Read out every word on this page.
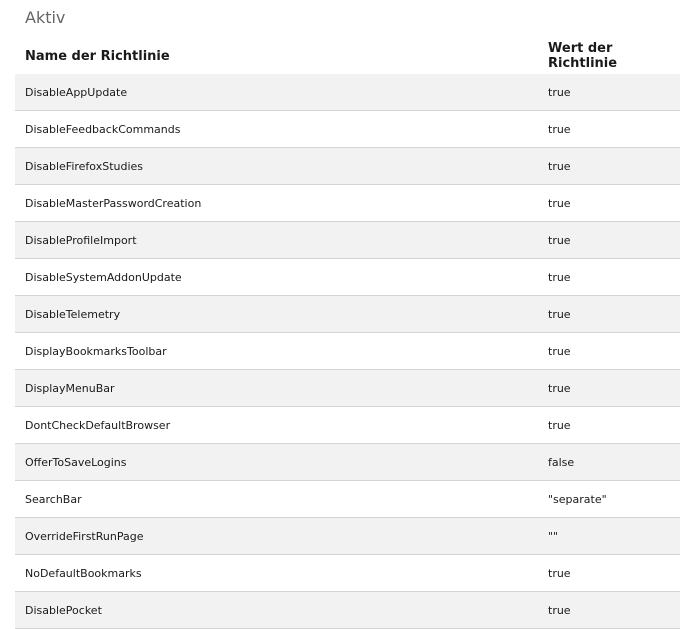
Aktiv
Name der Richtlinie	Wert der Richtlinie
DisableAppUpdate	true
DisableFeedbackCommands	true
DisableFirefoxStudies	true
DisableMasterPasswordCreation	true
DisableProfileImport	true
DisableSystemAddonUpdate	true
DisableTelemetry	true
DisplayBookmarksToolbar	true
DisplayMenuBar	true
DontCheckDefaultBrowser	true
OfferToSaveLogins	false
SearchBar	"separate"
OverrideFirstRunPage	""
NoDefaultBookmarks	true
DisablePocket	true
